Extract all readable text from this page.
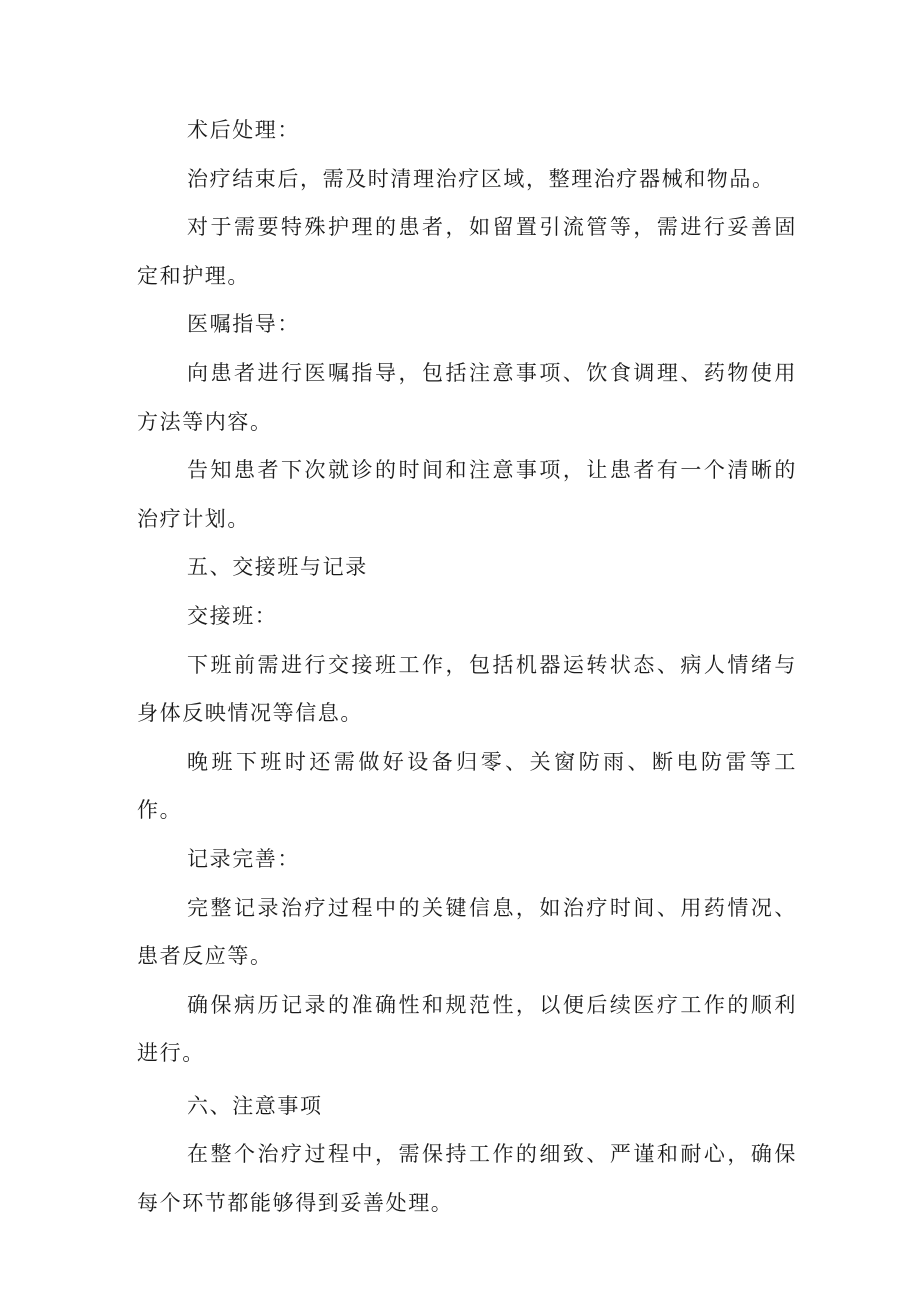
术后处理：

治疗结束后，需及时清理治疗区域，整理治疗器械和物品。

对于需要特殊护理的患者，如留置引流管等，需进行妥善固定和护理。

医嘱指导：

向患者进行医嘱指导，包括注意事项、饮食调理、药物使用方法等内容。

告知患者下次就诊的时间和注意事项，让患者有一个清晰的治疗计划。

五、交接班与记录

交接班：

下班前需进行交接班工作，包括机器运转状态、病人情绪与身体反映情况等信息。

晚班下班时还需做好设备归零、关窗防雨、断电防雷等工作。

记录完善：

完整记录治疗过程中的关键信息，如治疗时间、用药情况、患者反应等。

确保病历记录的准确性和规范性，以便后续医疗工作的顺利进行。

六、注意事项

在整个治疗过程中，需保持工作的细致、严谨和耐心，确保每个环节都能够得到妥善处理。
